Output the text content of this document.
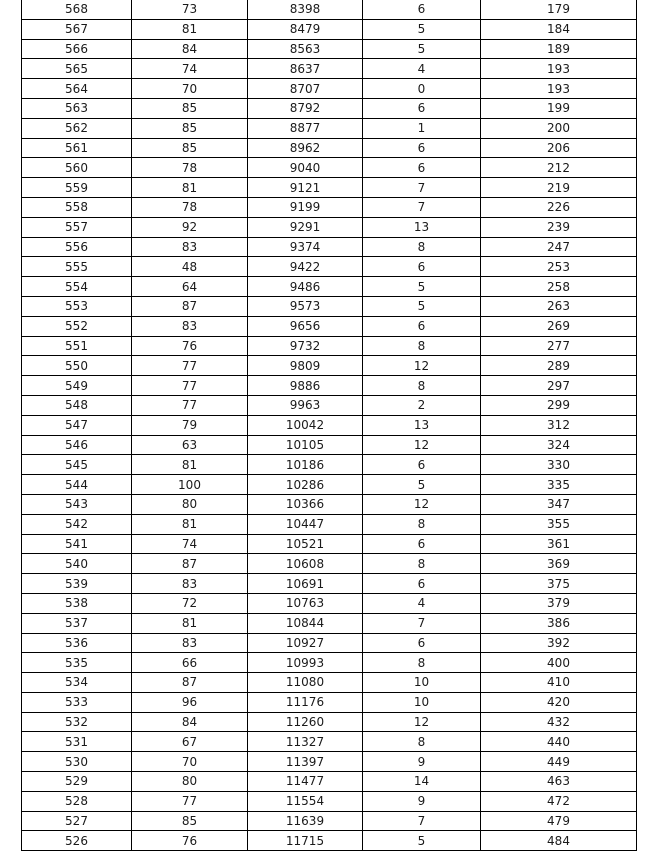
568	73	8398	6	179
567	81	8479	5	184
566	84	8563	5	189
565	74	8637	4	193
564	70	8707	0	193
563	85	8792	6	199
562	85	8877	1	200
561	85	8962	6	206
560	78	9040	6	212
559	81	9121	7	219
558	78	9199	7	226
557	92	9291	13	239
556	83	9374	8	247
555	48	9422	6	253
554	64	9486	5	258
553	87	9573	5	263
552	83	9656	6	269
551	76	9732	8	277
550	77	9809	12	289
549	77	9886	8	297
548	77	9963	2	299
547	79	10042	13	312
546	63	10105	12	324
545	81	10186	6	330
544	100	10286	5	335
543	80	10366	12	347
542	81	10447	8	355
541	74	10521	6	361
540	87	10608	8	369
539	83	10691	6	375
538	72	10763	4	379
537	81	10844	7	386
536	83	10927	6	392
535	66	10993	8	400
534	87	11080	10	410
533	96	11176	10	420
532	84	11260	12	432
531	67	11327	8	440
530	70	11397	9	449
529	80	11477	14	463
528	77	11554	9	472
527	85	11639	7	479
526	76	11715	5	484
